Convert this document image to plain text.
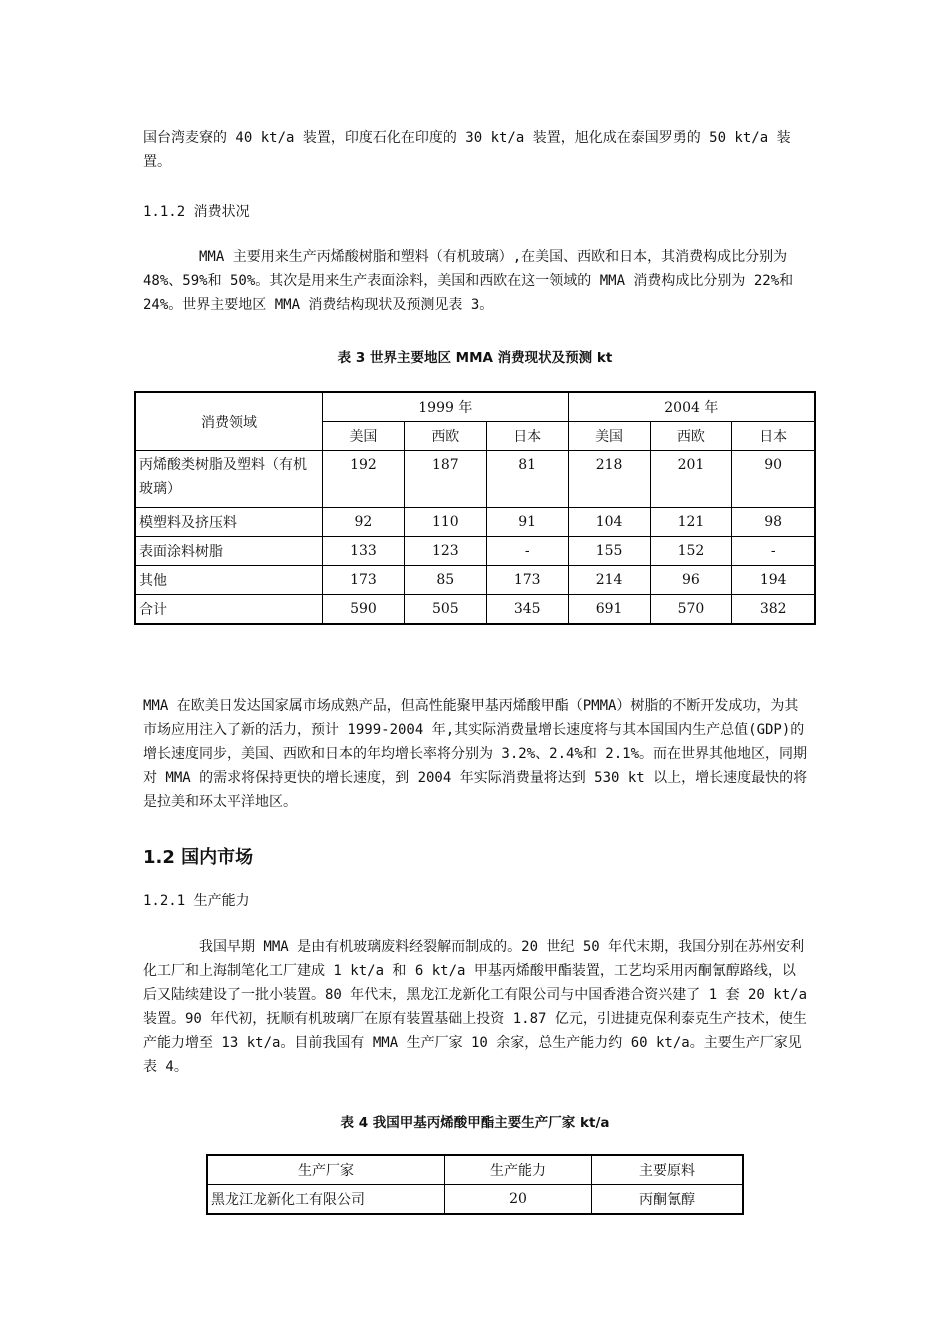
国台湾麦寮的 40 kt/a 装置，印度石化在印度的 30 kt/a 装置，旭化成在泰国罗勇的 50 kt/a 装置。

1.1.2 消费状况

MMA 主要用来生产丙烯酸树脂和塑料（有机玻璃）,在美国、西欧和日本，其消费构成比分别为 48%、59%和 50%。其次是用来生产表面涂料，美国和西欧在这一领域的 MMA 消费构成比分别为 22%和 24%。世界主要地区 MMA 消费结构现状及预测见表 3。

表 3 世界主要地区 MMA 消费现状及预测 kt
消费领域	1999 年			2004 年		
	美国	西欧	日本	美国	西欧	日本
丙烯酸类树脂及塑料（有机玻璃）	192	187	81	218	201	90
模塑料及挤压料	92	110	91	104	121	98
表面涂料树脂	133	123	-	155	152	-
其他	173	85	173	214	96	194
合计	590	505	345	691	570	382

MMA 在欧美日发达国家属市场成熟产品，但高性能聚甲基丙烯酸甲酯（PMMA）树脂的不断开发成功，为其市场应用注入了新的活力，预计 1999-2004 年,其实际消费量增长速度将与其本国国内生产总值(GDP)的增长速度同步，美国、西欧和日本的年均增长率将分别为 3.2%、2.4%和 2.1%。而在世界其他地区，同期对 MMA 的需求将保持更快的增长速度，到 2004 年实际消费量将达到 530 kt 以上，增长速度最快的将是拉美和环太平洋地区。

1.2 国内市场

1.2.1 生产能力

我国早期 MMA 是由有机玻璃废料经裂解而制成的。20 世纪 50 年代末期，我国分别在苏州安利化工厂和上海制笔化工厂建成 1 kt/a 和 6 kt/a 甲基丙烯酸甲酯装置，工艺均采用丙酮氰醇路线，以后又陆续建设了一批小装置。80 年代末，黑龙江龙新化工有限公司与中国香港合资兴建了 1 套 20 kt/a 装置。90 年代初，抚顺有机玻璃厂在原有装置基础上投资 1.87 亿元，引进捷克保利泰克生产技术，使生产能力增至 13 kt/a。目前我国有 MMA 生产厂家 10 余家，总生产能力约 60 kt/a。主要生产厂家见表 4。

表 4 我国甲基丙烯酸甲酯主要生产厂家 kt/a
生产厂家	生产能力	主要原料
黑龙江龙新化工有限公司	20	丙酮氰醇
